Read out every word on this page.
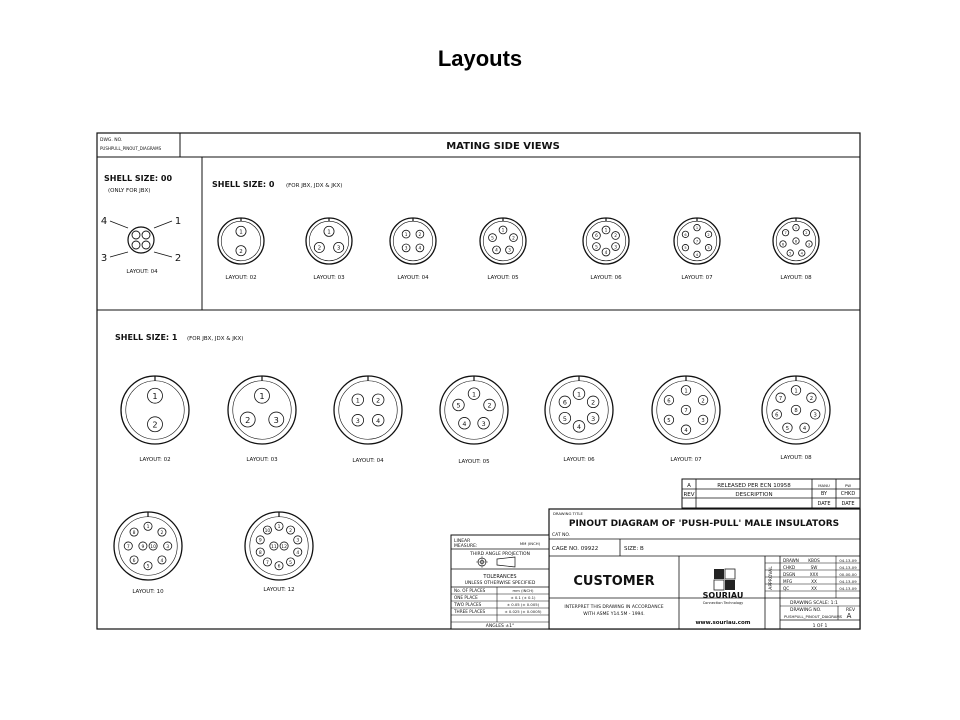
Layouts
DWG. NO.
PUSHPULL_PINOUT_DIAGRAMS	MATING SIDE VIEWS
SHELL SIZE: 00
(ONLY FOR JBX)
4	1
3	2
LAYOUT: 04
SHELL SIZE: 0 (FOR JBX, JDX & JKX)
1
2
LAYOUT: 02
1
2	3
LAYOUT: 03
1	2
3	4
LAYOUT: 04
1
2
3
4
5
LAYOUT: 05
1
2
3
4
5
6
LAYOUT: 06
1
2
3
4
5
6
7
LAYOUT: 07
1
2
3
4
5
6
7
8
LAYOUT: 08
SHELL SIZE: 1 (FOR JBX, JDX & JKX)
1
2
LAYOUT: 02
1
2	3
LAYOUT: 03
1	2
3	4
LAYOUT: 04
1
2
3
4
5
LAYOUT: 05
1
2
3
4
5
6
LAYOUT: 06
1
2
3
4
5
6
7
LAYOUT: 07
1
2
3
4
5
6
7
8
LAYOUT: 08
1
2
3
4
5
6
7
8
9 10
LAYOUT: 10
1
2
3
4
5
6
7
8
9
10
11 12
LAYOUT: 12
A	RELEASED PER ECN 10958	MANU	PW
REV	DESCRIPTION	BY	CHKD
DATE DATE
DRAWING TITLE
PINOUT DIAGRAM OF 'PUSH-PULL' MALE INSULATORS
CAT NO.
CAGE NO. 09922	SIZE: B
CUSTOMER
INTERPRET THIS DRAWING IN ACCORDANCE
WITH ASME Y14.5M - 1994.
SOURIAU
Connection Technology
www.souriau.com
APPROVAL
DRAWN KBOS	04-13-09
CHKD	SW	04-13-09
DSGN	XXX	00-00-00
MFG	XX	04-13-09
QC	XX	04-13-09
DRAWING SCALE: 1:1
DRAWING NO.	REV
PUSHPULL_PINOUT_DIAGRAMS A
1 OF 1
LINEAR
MEASURE:
MM (INCH)
THIRD ANGLE PROJECTION
TOLERANCES
UNLESS OTHERWISE SPECIFIED
No. OF PLACES	mm (INCH)
ONE PLACE	± 0.1 (± 0.1)
TWO PLACES	± 0.05 (± 0.005)
THREE PLACES	± 0.025 (± 0.0005)
ANGLES ±1°
